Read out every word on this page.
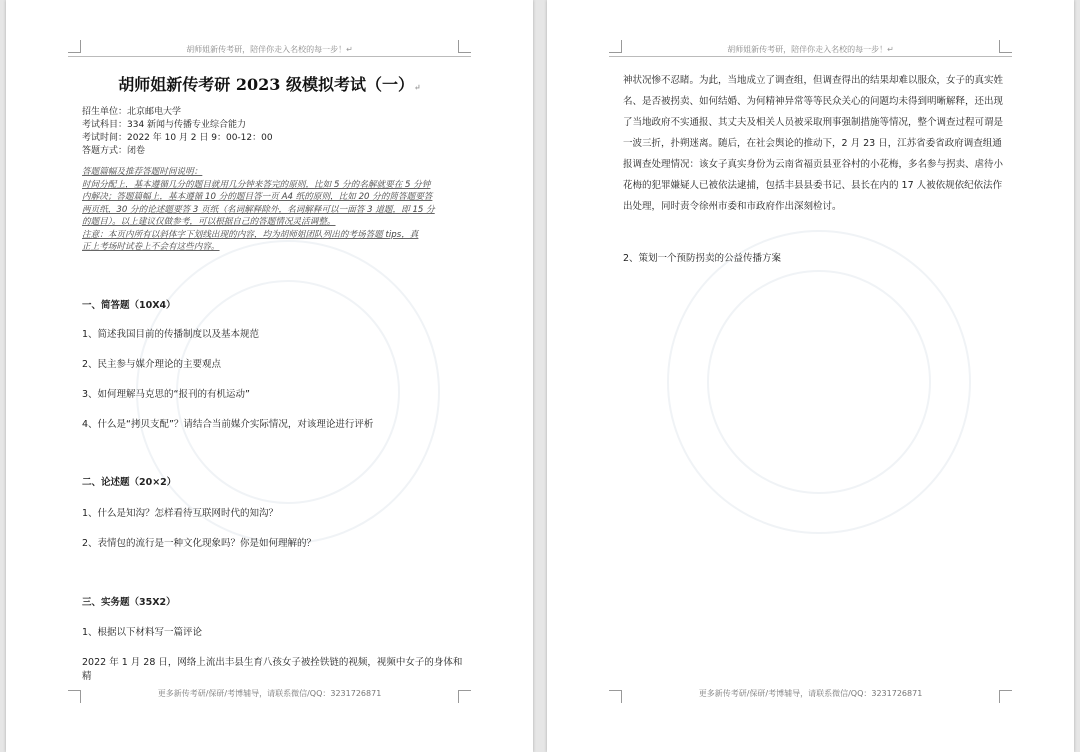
胡师姐新传考研，陪伴你走入名校的每一步！↵
胡师姐新传考研 2023 级模拟考试（一）↵
招生单位：北京邮电大学
考试科目：334 新闻与传播专业综合能力
考试时间：2022 年 10 月 2 日 9：00-12：00
答题方式：闭卷
答题篇幅及推荐答题时间说明：
时间分配上，基本遵循几分的题目就用几分钟来答完的原则，比如 5 分的名解就要在 5 分钟
内解决；答题篇幅上，基本遵循 10 分的题目答一页 A4 纸的原则，比如 20 分的简答题要答
两页纸，30 分的论述题要答 3 页纸（名词解释除外，名词解释可以一面答 3 道题，即 15 分
的题目）。以上建议仅做参考，可以根据自己的答题情况灵活调整。
注意：本页内所有以斜体字下划线出现的内容，均为胡师姐团队列出的考场答题 tips，真
正上考场时试卷上不会有这些内容。
一、简答题（10X4）
1、简述我国目前的传播制度以及基本规范
2、民主参与媒介理论的主要观点
3、如何理解马克思的“报刊的有机运动”
4、什么是“拷贝支配”？请结合当前媒介实际情况，对该理论进行评析
二、论述题（20×2）
1、什么是知沟？怎样看待互联网时代的知沟？
2、表情包的流行是一种文化现象吗？你是如何理解的？
三、实务题（35X2）
1、根据以下材料写一篇评论
2022 年 1 月 28 日，网络上流出丰县生育八孩女子被拴铁链的视频，视频中女子的身体和精
更多新传考研/保研/考博辅导，请联系微信/QQ：3231726871
胡师姐新传考研，陪伴你走入名校的每一步！↵
神状况惨不忍睹。为此，当地成立了调查组，但调查得出的结果却难以服众，女子的真实姓
名、是否被拐卖、如何结婚、为何精神异常等等民众关心的问题均未得到明晰解释，还出现
了当地政府不实通报、其丈夫及相关人员被采取刑事强制措施等情况，整个调查过程可谓是
一波三折，扑朔迷离。随后，在社会舆论的推动下，2 月 23 日，江苏省委省政府调查组通
报调查处理情况：该女子真实身份为云南省福贡县亚谷村的小花梅，多名参与拐卖、虐待小
花梅的犯罪嫌疑人已被依法逮捕，包括丰县县委书记、县长在内的 17 人被依规依纪依法作
出处理，同时责令徐州市委和市政府作出深刻检讨。
2、策划一个预防拐卖的公益传播方案
更多新传考研/保研/考博辅导，请联系微信/QQ：3231726871
